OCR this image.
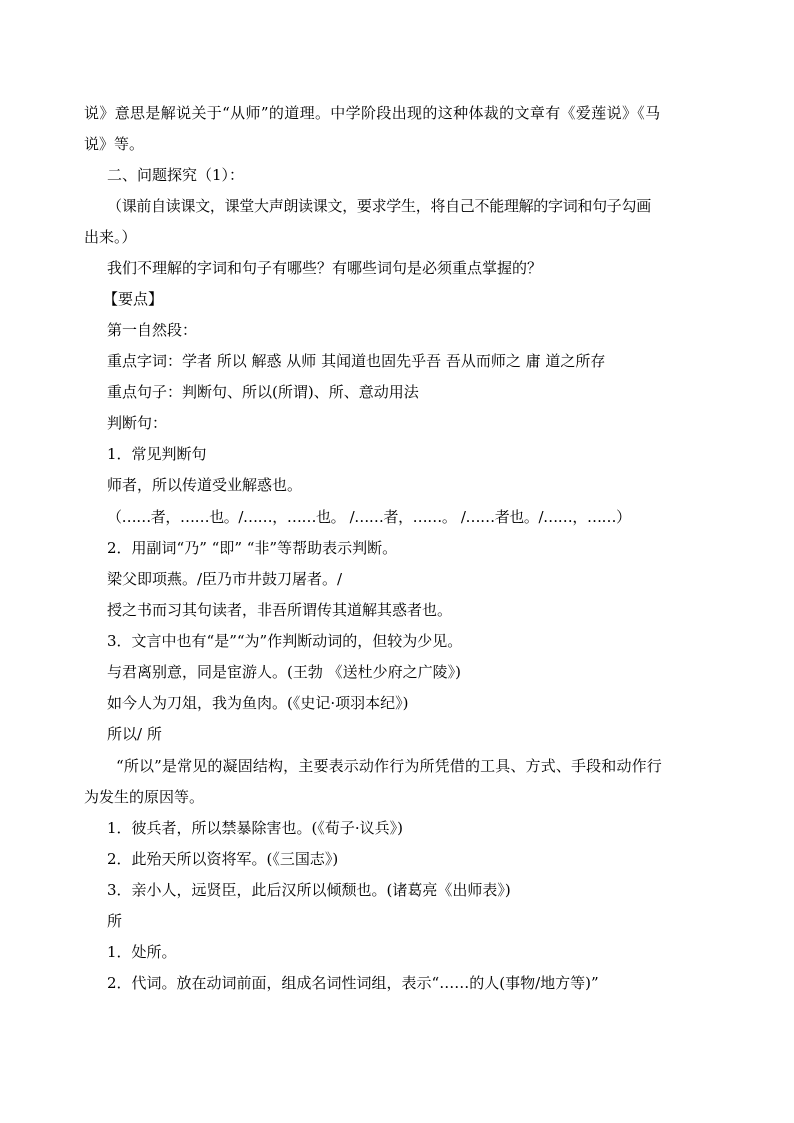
说》意思是解说关于“从师”的道理。中学阶段出现的这种体裁的文章有《爱莲说》《马
说》等。
二、问题探究（1）：
（课前自读课文，课堂大声朗读课文，要求学生，将自己不能理解的字词和句子勾画
出来。）
我们不理解的字词和句子有哪些？有哪些词句是必须重点掌握的？
【要点】
第一自然段：
重点字词：学者 所以 解惑 从师 其闻道也固先乎吾 吾从而师之 庸 道之所存
重点句子：判断句、所以(所谓)、所、意动用法
判断句：
1．常见判断句
师者，所以传道受业解惑也。
（……者，……也。/……，……也。 /……者，……。 /……者也。/……，……）
2．用副词“乃” “即” “非”等帮助表示判断。
梁父即项燕。/臣乃市井鼓刀屠者。/
授之书而习其句读者，非吾所谓传其道解其惑者也。
3．文言中也有“是”“为”作判断动词的，但较为少见。
与君离别意，同是宦游人。(王勃 《送杜少府之广陵》)
如今人为刀俎，我为鱼肉。(《史记·项羽本纪》)
所以/ 所
“所以”是常见的凝固结构，主要表示动作行为所凭借的工具、方式、手段和动作行
为发生的原因等。
1．彼兵者，所以禁暴除害也。(《荀子·议兵》)
2．此殆天所以资将军。(《三国志》)
3．亲小人，远贤臣，此后汉所以倾颓也。(诸葛亮《出师表》)
所
1．处所。
2．代词。放在动词前面，组成名词性词组，表示“……的人(事物/地方等)”
